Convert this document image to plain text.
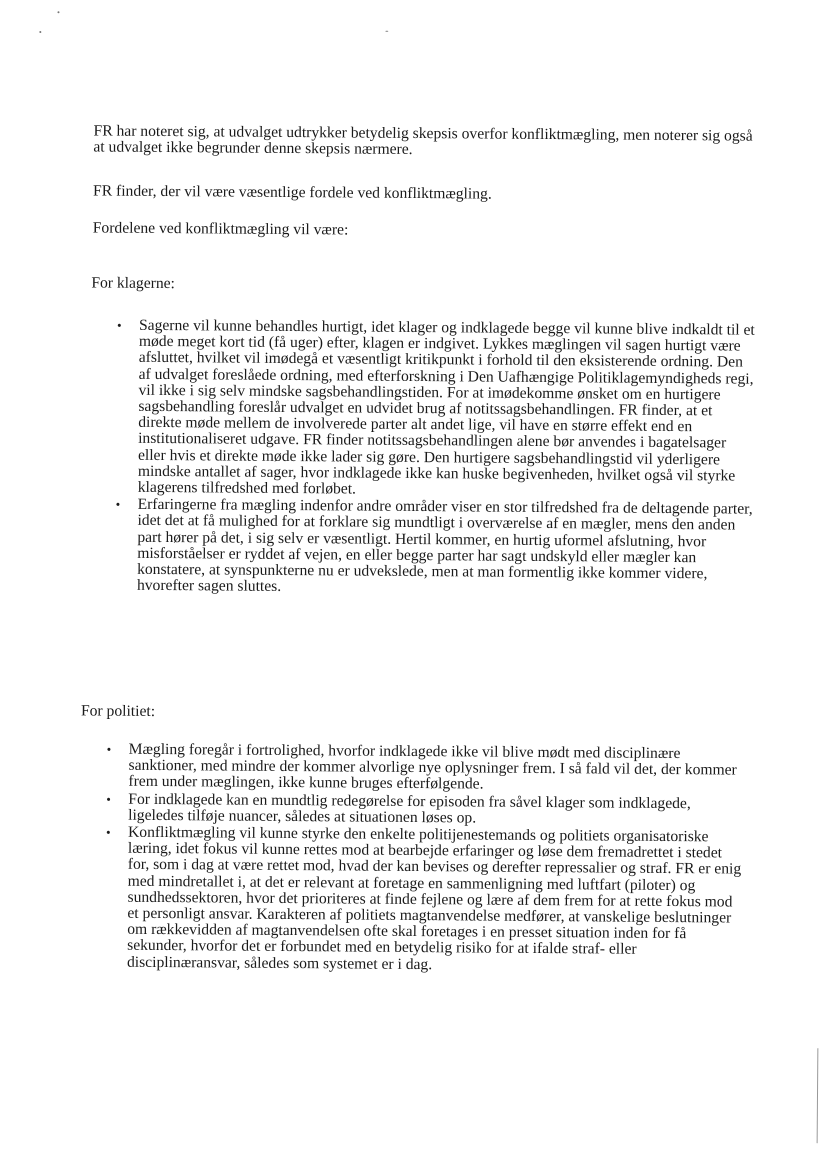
FR har noteret sig, at udvalget udtrykker betydelig skepsis overfor konfliktmægling, men noterer sig også at udvalget ikke begrunder denne skepsis nærmere.

FR finder, der vil være væsentlige fordele ved konfliktmægling.

Fordelene ved konfliktmægling vil være:

For klagerne:

• Sagerne vil kunne behandles hurtigt, idet klager og indklagede begge vil kunne blive indkaldt til et møde meget kort tid (få uger) efter, klagen er indgivet. Lykkes mæglingen vil sagen hurtigt være afsluttet, hvilket vil imødegå et væsentligt kritikpunkt i forhold til den eksisterende ordning. Den af udvalget foreslåede ordning, med efterforskning i Den Uafhængige Politiklagemyndigheds regi, vil ikke i sig selv mindske sagsbehandlingstiden. For at imødekomme ønsket om en hurtigere sagsbehandling foreslår udvalget en udvidet brug af notitssagsbehandlingen. FR finder, at et direkte møde mellem de involverede parter alt andet lige, vil have en større effekt end en institutionaliseret udgave. FR finder notitssagsbehandlingen alene bør anvendes i bagatelsager eller hvis et direkte møde ikke lader sig gøre. Den hurtigere sagsbehandlingstid vil yderligere mindske antallet af sager, hvor indklagede ikke kan huske begivenheden, hvilket også vil styrke klagerens tilfredshed med forløbet.
• Erfaringerne fra mægling indenfor andre områder viser en stor tilfredshed fra de deltagende parter, idet det at få mulighed for at forklare sig mundtligt i overværelse af en mægler, mens den anden part hører på det, i sig selv er væsentligt. Hertil kommer, en hurtig uformel afslutning, hvor misforståelser er ryddet af vejen, en eller begge parter har sagt undskyld eller mægler kan konstatere, at synspunkterne nu er udvekslede, men at man formentlig ikke kommer videre, hvorefter sagen sluttes.

For politiet:

• Mægling foregår i fortrolighed, hvorfor indklagede ikke vil blive mødt med disciplinære sanktioner, med mindre der kommer alvorlige nye oplysninger frem. I så fald vil det, der kommer frem under mæglingen, ikke kunne bruges efterfølgende.
• For indklagede kan en mundtlig redegørelse for episoden fra såvel klager som indklagede, ligeledes tilføje nuancer, således at situationen løses op.
• Konfliktmægling vil kunne styrke den enkelte politijenestemands og politiets organisatoriske læring, idet fokus vil kunne rettes mod at bearbejde erfaringer og løse dem fremadrettet i stedet for, som i dag at være rettet mod, hvad der kan bevises og derefter repressalier og straf. FR er enig med mindretallet i, at det er relevant at foretage en sammenligning med luftfart (piloter) og sundhedssektoren, hvor det prioriteres at finde fejlene og lære af dem frem for at rette fokus mod et personligt ansvar. Karakteren af politiets magtanvendelse medfører, at vanskelige beslutninger om rækkevidden af magtanvendelsen ofte skal foretages i en presset situation inden for få sekunder, hvorfor det er forbundet med en betydelig risiko for at ifalde straf- eller disciplinæransvar, således som systemet er i dag.
